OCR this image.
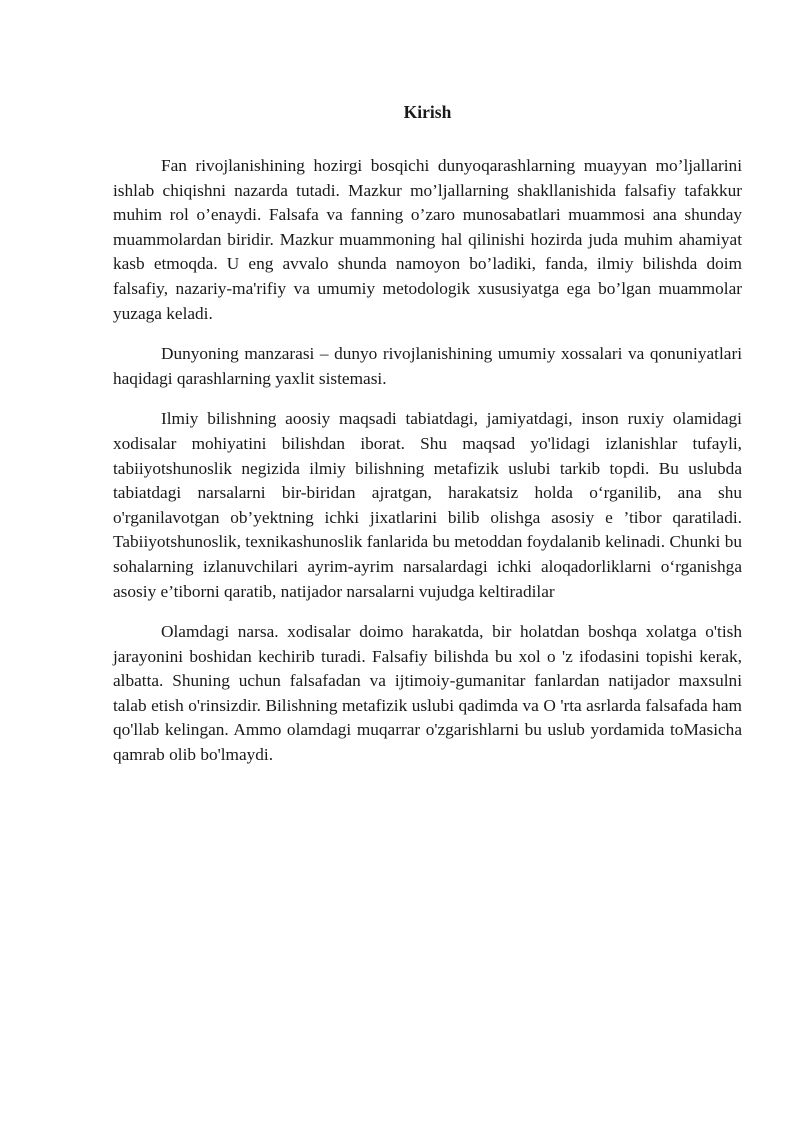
Kirish

Fan rivojlanishining hozirgi bosqichi dunyoqarashlarning muayyan mo’ljallarini ishlab chiqishni nazarda tutadi. Mazkur mo’ljallarning shakllanishida falsafiy tafakkur muhim rol o’enaydi. Falsafa va fanning o’zaro munosabatlari muammosi ana shunday muammolardan biridir. Mazkur muammoning hal qilinishi hozirda juda muhim ahamiyat kasb etmoqda. U eng avvalo shunda namoyon bo’ladiki, fanda, ilmiy bilishda doim falsafiy, nazariy-ma'rifiy va umumiy metodologik xususiyatga ega bo’lgan muammolar yuzaga keladi.

Dunyoning manzarasi – dunyo rivojlanishining umumiy xossalari va qonuniyatlari haqidagi qarashlarning yaxlit sistemasi.

Ilmiy bilishning aoosiy maqsadi tabiatdagi, jamiyatdagi, inson ruxiy olamidagi xodisalar mohiyatini bilishdan iborat. Shu maqsad yo'lidagi izlanishlar tufayli, tabiiyotshunoslik negizida ilmiy bilishning metafizik uslubi tarkib topdi. Bu uslubda tabiatdagi narsalarni bir-biridan ajratgan, harakatsiz holda o‘rganilib, ana shu o'rganilavotgan ob’yektning ichki jixatlarini bilib olishga asosiy e ’tibor qaratiladi. Tabiiyotshunoslik, texnikashunoslik fanlarida bu metoddan foydalanib kelinadi. Chunki bu sohalarning izlanuvchilari ayrim-ayrim narsalardagi ichki aloqadorliklarni o‘rganishga asosiy e’tiborni qaratib, natijador narsalarni vujudga keltiradilar

Olamdagi narsa. xodisalar doimo harakatda, bir holatdan boshqa xolatga o'tish jarayonini boshidan kechirib turadi. Falsafiy bilishda bu xol o 'z ifodasini topishi kerak, albatta. Shuning uchun falsafadan va ijtimoiy-gumanitar fanlardan natijador maxsulni talab etish o'rinsizdir. Bilishning metafizik uslubi qadimda va O 'rta asrlarda falsafada ham qo'llab kelingan. Ammo olamdagi muqarrar o'zgarishlarni bu uslub yordamida toMasicha qamrab olib bo'lmaydi.
